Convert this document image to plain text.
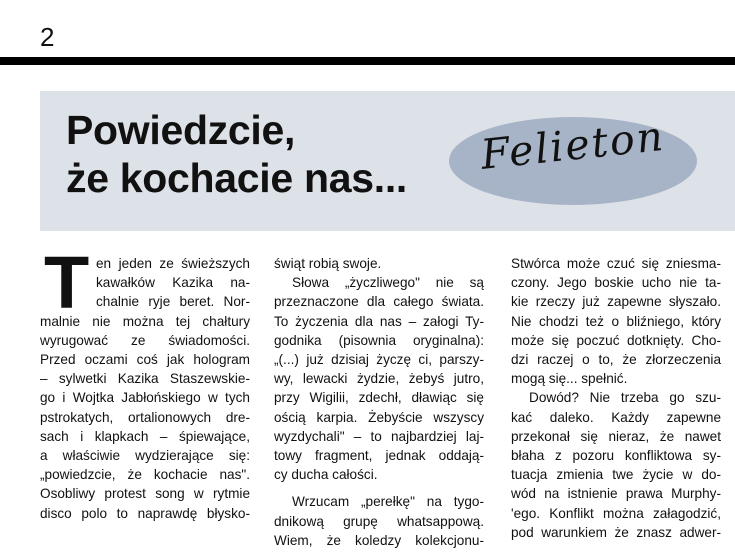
2
Powiedzcie,
że kochacie nas... Felieton
T en jeden ze świeższych
kawałków Kazika na-
chalnie ryje beret. Nor-
malnie nie można tej chałtury
wyrugować ze świadomości.
Przed oczami coś jak hologram
– sylwetki Kazika Staszewskie-
go i Wojtka Jabłońskiego w tych
pstrokatych, ortalionowych dre-
sach i klapkach – śpiewające,
a właściwie wydzierające się:
„powiedzcie, że kochacie nas".
Osobliwy protest song w rytmie
disco polo to naprawdę błysko-

świąt robią swoje.

Słowa „życzliwego" nie są
przeznaczone dla całego świata.
To życzenia dla nas – załogi Ty-
godnika (pisownia oryginalna):
„(...) już dzisiaj życzę ci, parszy-
wy, lewacki żydzie, żebyś jutro,
przy Wigilii, zdechł, dławiąc się
ością karpia. Żebyście wszyscy
wyzdychali" – to najbardziej laj-
towy fragment, jednak oddają-
cy ducha całości.

Wrzucam „perełkę" na tygo-
dnikową grupę whatsappową.
Wiem, że koledzy kolekcjonu-

Stwórca może czuć się zniesma-
czony. Jego boskie ucho nie ta-
kie rzeczy już zapewne słyszało.
Nie chodzi też o bliźniego, który
może się poczuć dotknięty. Cho-
dzi raczej o to, że złorzeczenia
mogą się... spełnić.

Dowód? Nie trzeba go szu-
kać daleko. Każdy zapewne
przekonał się nieraz, że nawet
błaha z pozoru konfliktowa sy-
tuacja zmienia twe życie w do-
wód na istnienie prawa Murphy-
'ego. Konflikt można załagodzić,
pod warunkiem że znasz adwer-
